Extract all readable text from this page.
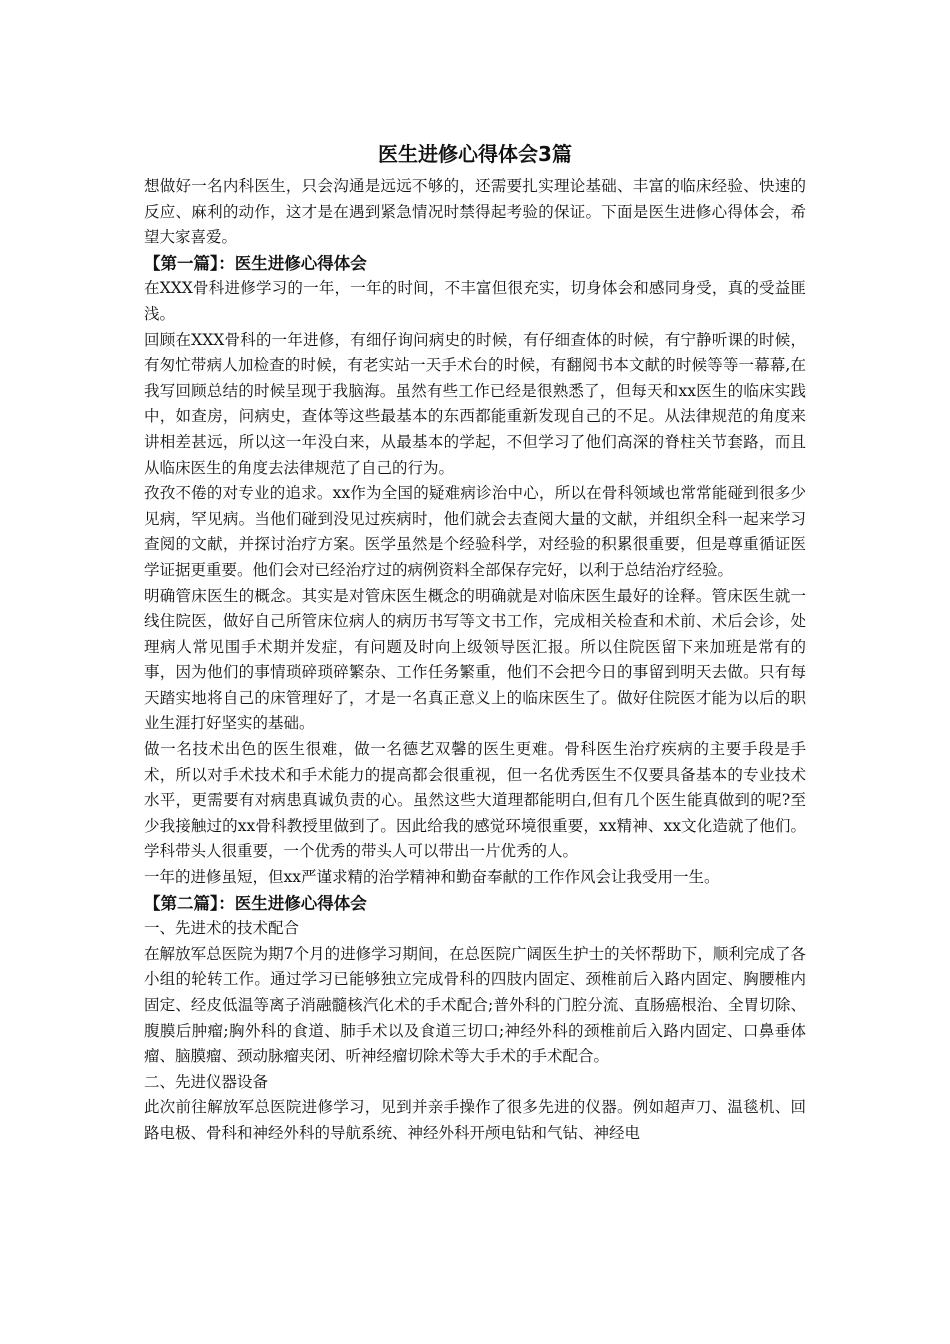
医生进修心得体会3篇

想做好一名内科医生，只会沟通是远远不够的，还需要扎实理论基础、丰富的临床经验、快速的反应、麻利的动作，这才是在遇到紧急情况时禁得起考验的保证。下面是医生进修心得体会，希望大家喜爱。

【第一篇】：医生进修心得体会

在XXX骨科进修学习的一年，一年的时间，不丰富但很充实，切身体会和感同身受，真的受益匪浅。

回顾在XXX骨科的一年进修，有细仔询问病史的时候，有仔细查体的时候，有宁静听课的时候，有匆忙带病人加检查的时候，有老实站一天手术台的时候，有翻阅书本文献的时候等等一幕幕,在我写回顾总结的时候呈现于我脑海。虽然有些工作已经是很熟悉了，但每天和xx医生的临床实践中，如查房，问病史，查体等这些最基本的东西都能重新发现自己的不足。从法律规范的角度来讲相差甚远，所以这一年没白来，从最基本的学起，不但学习了他们高深的脊柱关节套路，而且从临床医生的角度去法律规范了自己的行为。

孜孜不倦的对专业的追求。xx作为全国的疑难病诊治中心，所以在骨科领域也常常能碰到很多少见病，罕见病。当他们碰到没见过疾病时，他们就会去查阅大量的文献，并组织全科一起来学习查阅的文献，并探讨治疗方案。医学虽然是个经验科学，对经验的积累很重要，但是尊重循证医学证据更重要。他们会对已经治疗过的病例资料全部保存完好，以利于总结治疗经验。

明确管床医生的概念。其实是对管床医生概念的明确就是对临床医生最好的诠释。管床医生就一线住院医，做好自己所管床位病人的病历书写等文书工作，完成相关检查和术前、术后会诊，处理病人常见围手术期并发症，有问题及时向上级领导医汇报。所以住院医留下来加班是常有的事，因为他们的事情琐碎琐碎繁杂、工作任务繁重，他们不会把今日的事留到明天去做。只有每天踏实地将自己的床管理好了，才是一名真正意义上的临床医生了。做好住院医才能为以后的职业生涯打好坚实的基础。

做一名技术出色的医生很难，做一名德艺双馨的医生更难。骨科医生治疗疾病的主要手段是手术，所以对手术技术和手术能力的提高都会很重视，但一名优秀医生不仅要具备基本的专业技术水平，更需要有对病患真诚负责的心。虽然这些大道理都能明白,但有几个医生能真做到的呢?至少我接触过的xx骨科教授里做到了。因此给我的感觉环境很重要，xx精神、xx文化造就了他们。学科带头人很重要，一个优秀的带头人可以带出一片优秀的人。

一年的进修虽短，但xx严谨求精的治学精神和勤奋奉献的工作作风会让我受用一生。

【第二篇】：医生进修心得体会

一、先进术的技术配合

在解放军总医院为期7个月的进修学习期间，在总医院广阔医生护士的关怀帮助下，顺利完成了各小组的轮转工作。通过学习已能够独立完成骨科的四肢内固定、颈椎前后入路内固定、胸腰椎内固定、经皮低温等离子消融髓核汽化术的手术配合;普外科的门腔分流、直肠癌根治、全胃切除、腹膜后肿瘤;胸外科的食道、肺手术以及食道三切口;神经外科的颈椎前后入路内固定、口鼻垂体瘤、脑膜瘤、颈动脉瘤夹闭、听神经瘤切除术等大手术的手术配合。

二、先进仪器设备

此次前往解放军总医院进修学习，见到并亲手操作了很多先进的仪器。例如超声刀、温毯机、回路电极、骨科和神经外科的导航系统、神经外科开颅电钻和气钻、神经电
